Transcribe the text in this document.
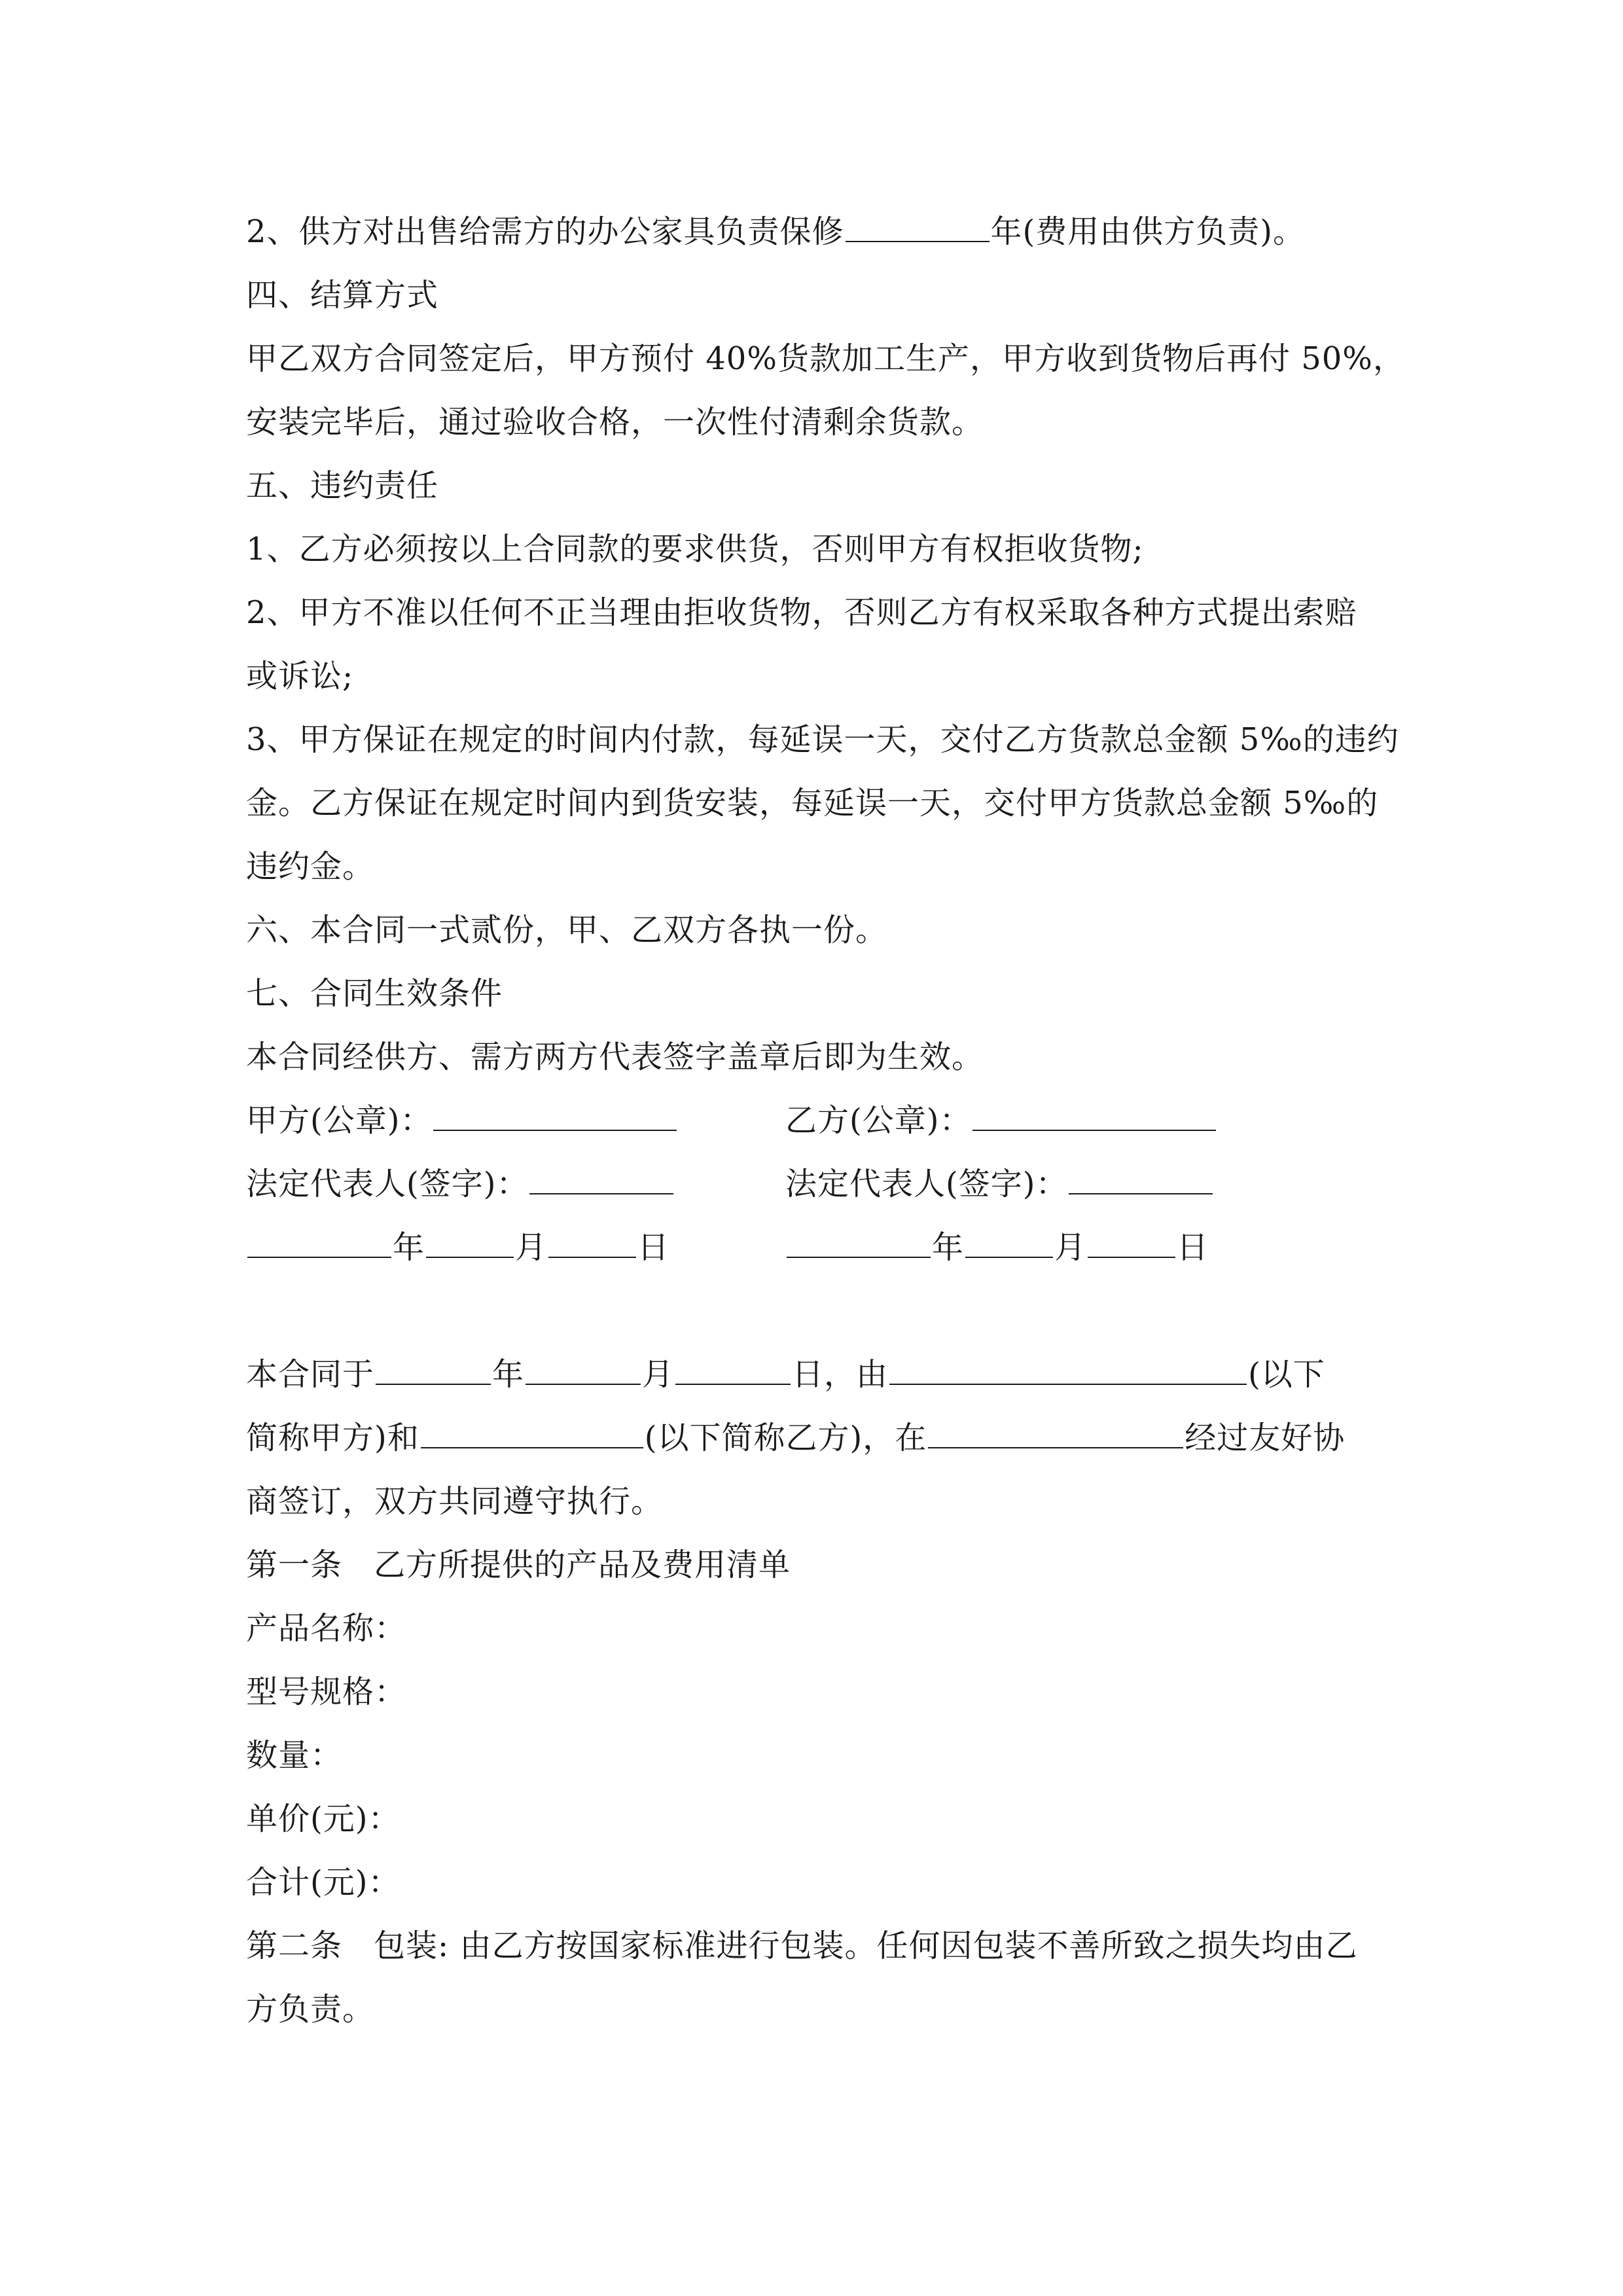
2、供方对出售给需方的办公家具负责保修	年(费用由供方负责)。
四、结算方式
甲乙双方合同签定后，甲方预付 40%货款加工生产，甲方收到货物后再付 50%，
安装完毕后，通过验收合格，一次性付清剩余货款。
五、违约责任
1、乙方必须按以上合同款的要求供货，否则甲方有权拒收货物;
2、甲方不准以任何不正当理由拒收货物，否则乙方有权采取各种方式提出索赔
或诉讼;
3、甲方保证在规定的时间内付款，每延误一天，交付乙方货款总金额 5‰的违约
金。乙方保证在规定时间内到货安装，每延误一天，交付甲方货款总金额 5‰的
违约金。
六、本合同一式贰份，甲、乙双方各执一份。
七、合同生效条件
本合同经供方、需方两方代表签字盖章后即为生效。
甲方(公章)：	乙方(公章)：
法定代表人(签字)：	法定代表人(签字)：
年	月	日	年	月	日
本合同于	年	月	日，由	(以下
简称甲方)和	(以下简称乙方)，在	经过友好协
商签订，双方共同遵守执行。
第一条 乙方所提供的产品及费用清单
产品名称：
型号规格：
数量：
单价(元)：
合计(元)：
第二条 包装: 由乙方按国家标准进行包装。任何因包装不善所致之损失均由乙
方负责。
